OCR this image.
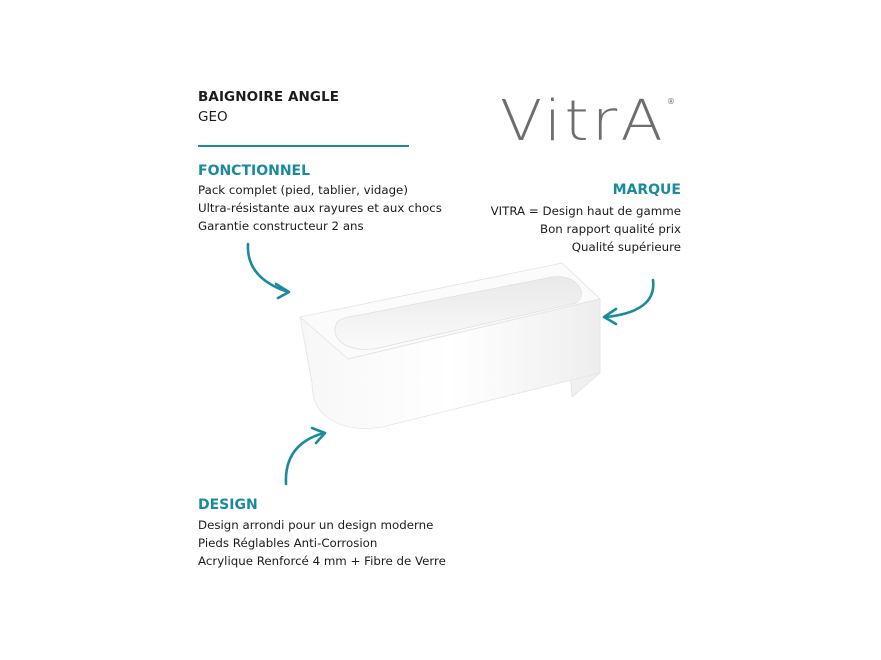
BAIGNOIRE ANGLE
GEO	VitrA ®
FONCTIONNEL
Pack complet (pied, tablier, vidage)
Ultra-résistante aux rayures et aux chocs
Garantie constructeur 2 ans
MARQUE
VITRA = Design haut de gamme
Bon rapport qualité prix
Qualité supérieure
DESIGN
Design arrondi pour un design moderne
Pieds Réglables Anti-Corrosion
Acrylique Renforcé 4 mm + Fibre de Verre
